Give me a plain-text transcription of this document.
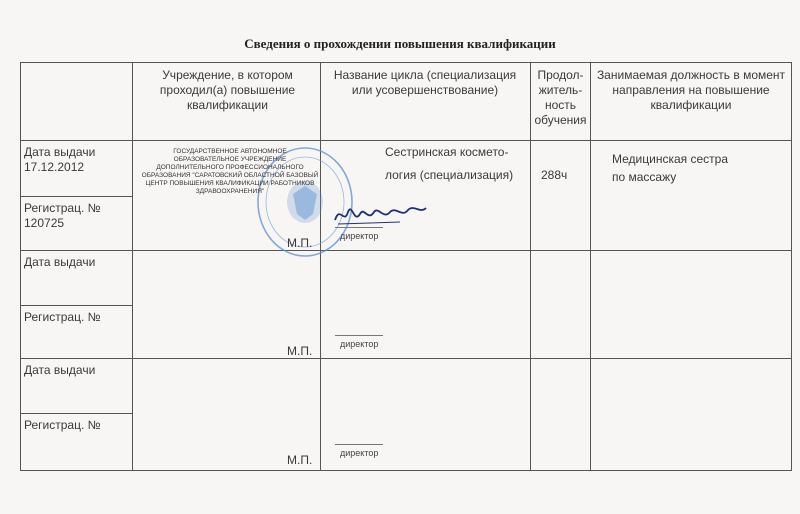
Сведения о прохождении повышения квалификации
Учреждение, в котором проходил(а) повышение квалификации
Название цикла (специализация или усовершенствование)
Продол-жительность обучения
Занимаемая должность в момент направления на повышение квалификации
Дата выдачи
17.12.2012
Регистрац. №
120725
ГОСУДАРСТВЕННОЕ АВТОНОМНОЕ ОБРАЗОВАТЕЛЬНОЕ УЧРЕЖДЕНИЕ ДОПОЛНИТЕЛЬНОГО ПРОФЕССИОНАЛЬНОГО ОБРАЗОВАНИЯ "САРАТОВСКИЙ ОБЛАСТНОЙ БАЗОВЫЙ ЦЕНТР ПОВЫШЕНИЯ КВАЛИФИКАЦИИ РАБОТНИКОВ ЗДРАВООХРАНЕНИЯ"
М.П.
Сестринская космето-
логия (специализация)
директор
288ч
Медицинская сестра
по массажу
Дата выдачи
Регистрац. №
М.П.	директор
Дата выдачи
Регистрац. №
М.П.	директор
